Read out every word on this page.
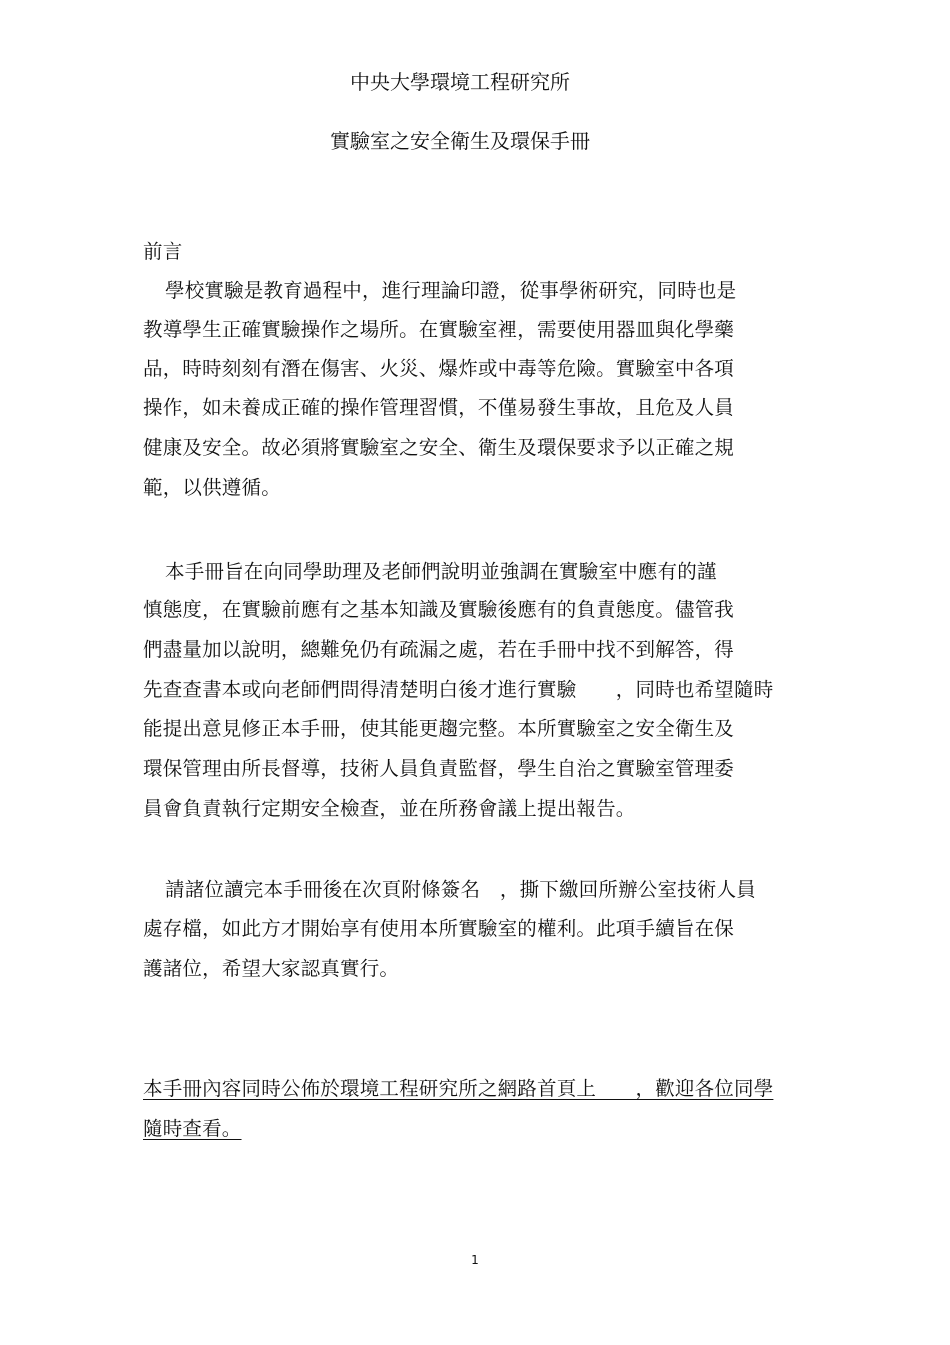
中央大學環境工程研究所
實驗室之安全衛生及環保手冊
前言
學校實驗是教育過程中，進行理論印證，從事學術研究，同時也是
教導學生正確實驗操作之場所。在實驗室裡，需要使用器皿與化學藥
品，時時刻刻有潛在傷害、火災、爆炸或中毒等危險。實驗室中各項
操作，如未養成正確的操作管理習慣，不僅易發生事故，且危及人員
健康及安全。故必須將實驗室之安全、衛生及環保要求予以正確之規
範，以供遵循。
本手冊旨在向同學助理及老師們說明並強調在實驗室中應有的謹
慎態度，在實驗前應有之基本知識及實驗後應有的負責態度。儘管我
們盡量加以說明，總難免仍有疏漏之處，若在手冊中找不到解答，得
先查查書本或向老師們問得清楚明白後才進行實驗　　，同時也希望隨時
能提出意見修正本手冊，使其能更趨完整。本所實驗室之安全衛生及
環保管理由所長督導，技術人員負責監督，學生自治之實驗室管理委
員會負責執行定期安全檢查，並在所務會議上提出報告。
請諸位讀完本手冊後在次頁附條簽名　，撕下繳回所辦公室技術人員
處存檔，如此方才開始享有使用本所實驗室的權利。此項手續旨在保
護諸位，希望大家認真實行。
本手冊內容同時公佈於環境工程研究所之網路首頁上　　，歡迎各位同學
隨時查看。
1
